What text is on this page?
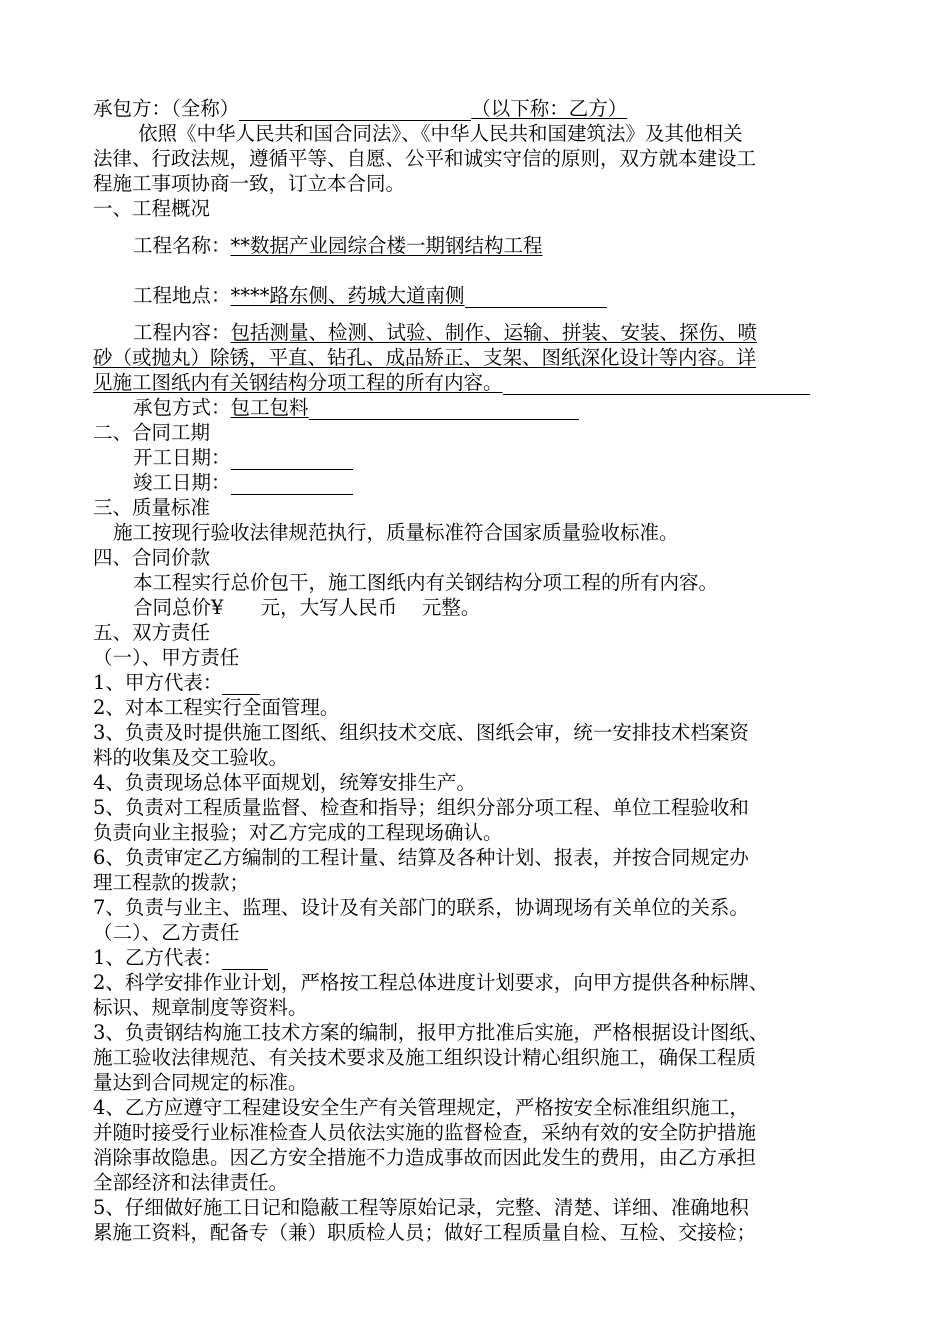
承包方：（全称）	（以下称：乙方）
依照《中华人民共和国合同法》、《中华人民共和国建筑法》及其他相关
法律、行政法规，遵循平等、自愿、公平和诚实守信的原则，双方就本建设工
程施工事项协商一致，订立本合同。
一、工程概况
工程名称：**数据产业园综合楼一期钢结构工程
工程地点：****路东侧、药城大道南侧
工程内容：包括测量、检测、试验、制作、运输、拼装、安装、探伤、喷
砂（或抛丸）除锈，平直、钻孔、成品矫正、支架、图纸深化设计等内容。详
见施工图纸内有关钢结构分项工程的所有内容。
承包方式：包工包料
二、合同工期
开工日期：
竣工日期：
三、质量标准
施工按现行验收法律规范执行，质量标准符合国家质量验收标准。
四、合同价款
本工程实行总价包干，施工图纸内有关钢结构分项工程的所有内容。
合同总价¥      元，大写人民币    元整。
五、双方责任
（一）、甲方责任
1、甲方代表：
2、对本工程实行全面管理。
3、负责及时提供施工图纸、组织技术交底、图纸会审，统一安排技术档案资
料的收集及交工验收。
4、负责现场总体平面规划，统筹安排生产。
5、负责对工程质量监督、检查和指导；组织分部分项工程、单位工程验收和
负责向业主报验；对乙方完成的工程现场确认。
6、负责审定乙方编制的工程计量、结算及各种计划、报表，并按合同规定办
理工程款的拨款；
7、负责与业主、监理、设计及有关部门的联系，协调现场有关单位的关系。
（二）、乙方责任
1、乙方代表：
2、科学安排作业计划，严格按工程总体进度计划要求，向甲方提供各种标牌、
标识、规章制度等资料。
3、负责钢结构施工技术方案的编制，报甲方批准后实施，严格根据设计图纸、
施工验收法律规范、有关技术要求及施工组织设计精心组织施工，确保工程质
量达到合同规定的标准。
4、乙方应遵守工程建设安全生产有关管理规定，严格按安全标准组织施工，
并随时接受行业标准检查人员依法实施的监督检查，采纳有效的安全防护措施
消除事故隐患。因乙方安全措施不力造成事故而因此发生的费用，由乙方承担
全部经济和法律责任。
5、仔细做好施工日记和隐蔽工程等原始记录，完整、清楚、详细、准确地积
累施工资料，配备专（兼）职质检人员；做好工程质量自检、互检、交接检；
